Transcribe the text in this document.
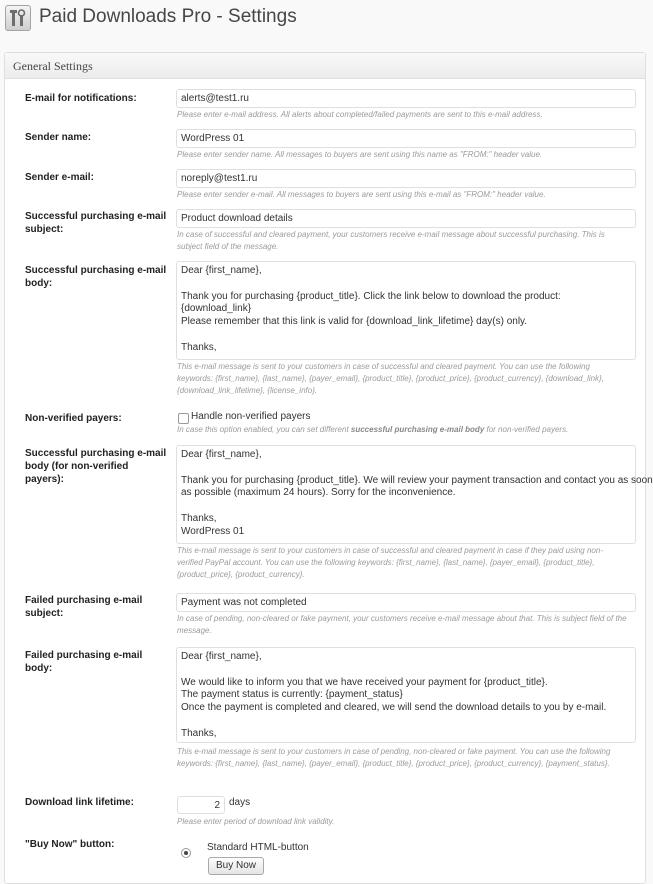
Paid Downloads Pro - Settings
General Settings
E-mail for notifications:
alerts@test1.ru
Please enter e-mail address. All alerts about completed/failed payments are sent to this e-mail address.
Sender name:
WordPress 01
Please enter sender name. All messages to buyers are sent using this name as "FROM:" header value.
Sender e-mail:
noreply@test1.ru
Please enter sender e-mail. All messages to buyers are sent using this e-mail as "FROM:" header value.
Successful purchasing e-mail subject:
Product download details	In case of successful and cleared payment, your customers receive e-mail message about successful purchasing. This is subject field of the message.
Successful purchasing e-mail body:
Dear {first_name},

Thank you for purchasing {product_title}. Click the link below to download the product:
{download_link}
Please remember that this link is valid for {download_link_lifetime} day(s) only.

Thanks,
This e-mail message is sent to your customers in case of successful and cleared payment. You can use the following keywords: {first_name}, {last_name}, {payer_email}, {product_title}, {product_price}, {product_currency}, {download_link}, {download_link_lifetime}, {license_info}.
Non-verified payers:	Handle non-verified payers
In case this option enabled, you can set different successful purchasing e-mail body for non-verified payers.
Successful purchasing e-mail body (for non-verified payers):
Dear {first_name},

Thank you for purchasing {product_title}. We will review your payment transaction and contact you as
as possible (maximum 24 hours). Sorry for the inconvenience.

Thanks,
WordPress 01
This e-mail message is sent to your customers in case of successful and cleared payment in case if they paid using non-verified PayPal account. You can use the following keywords: {first_name}, {last_name}, {payer_email}, {product_title}, {product_price}, {product_currency}.
Failed purchasing e-mail subject:
Payment was not completed	In case of pending, non-cleared or fake payment, your customers receive e-mail message about that. This is subject field of the message.
Failed purchasing e-mail body:
Dear {first_name},

We would like to inform you that we have received your payment for {product_title}.
The payment status is currently: {payment_status}
Once the payment is completed and cleared, we will send the download details to you by e-mail.

Thanks,
This e-mail message is sent to your customers in case of pending, non-cleared or fake payment. You can use the following keywords: {first_name}, {last_name}, {payer_email}, {product_title}, {product_price}, {product_currency}, {payment_status}.
Download link lifetime:
2	days
Please enter period of download link validity.
"Buy Now" button:	Standard HTML-button
Buy Now
